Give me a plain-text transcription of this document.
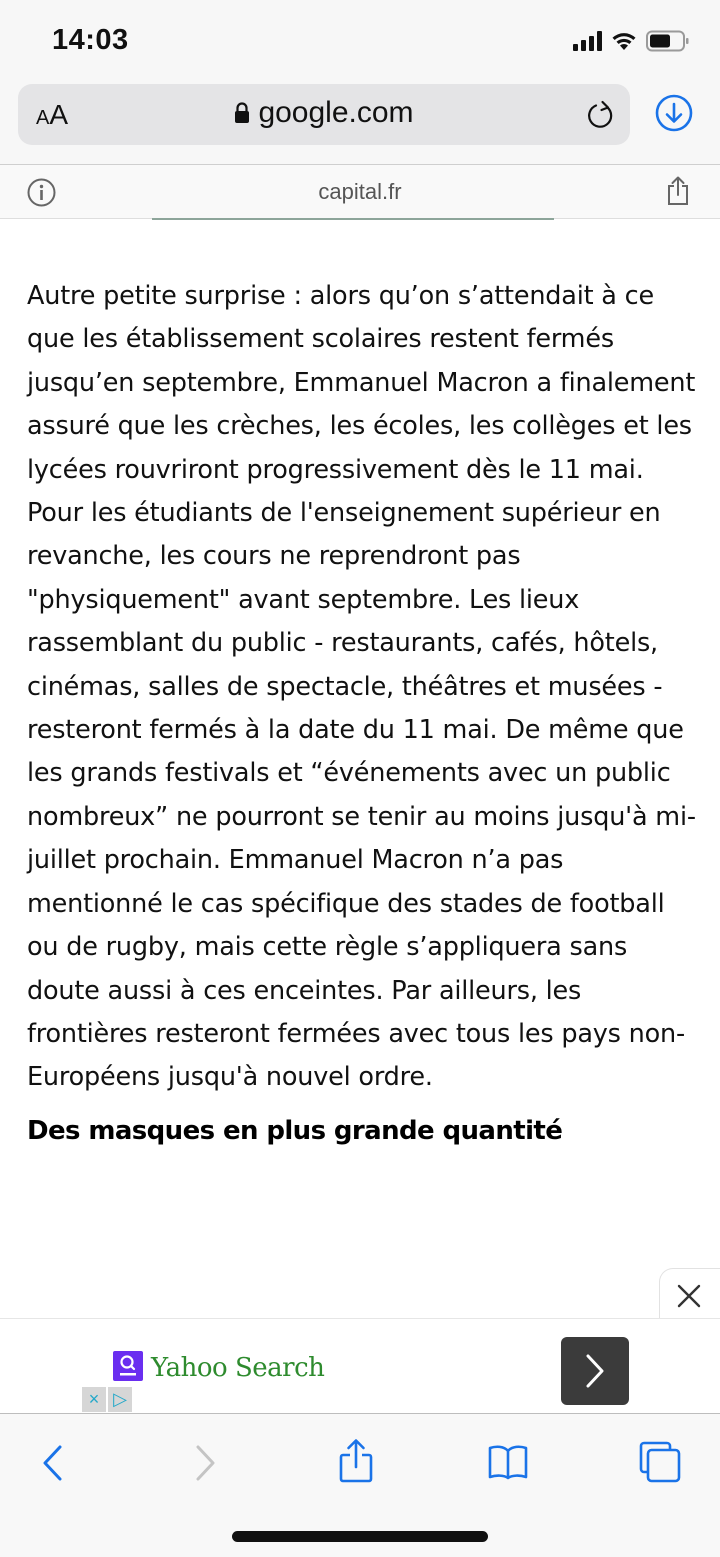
14:03
AA	google.com
capital.fr

Autre petite surprise : alors qu’on s’attendait à ce que les établissement scolaires restent fermés jusqu’en septembre, Emmanuel Macron a finalement assuré que les crèches, les écoles, les collèges et les lycées rouvriront progressivement dès le 11 mai. Pour les étudiants de l'enseignement supérieur en revanche, les cours ne reprendront pas "physiquement" avant septembre. Les lieux rassemblant du public - restaurants, cafés, hôtels, cinémas, salles de spectacle, théâtres et musées - resteront fermés à la date du 11 mai. De même que les grands festivals et “événements avec un public nombreux” ne pourront se tenir au moins jusqu'à mi-juillet prochain. Emmanuel Macron n’a pas mentionné le cas spécifique des stades de football ou de rugby, mais cette règle s’appliquera sans doute aussi à ces enceintes. Par ailleurs, les frontières resteront fermées avec tous les pays non-Européens jusqu'à nouvel ordre.

Des masques en plus grande quantité
Yahoo Search
× ▷
